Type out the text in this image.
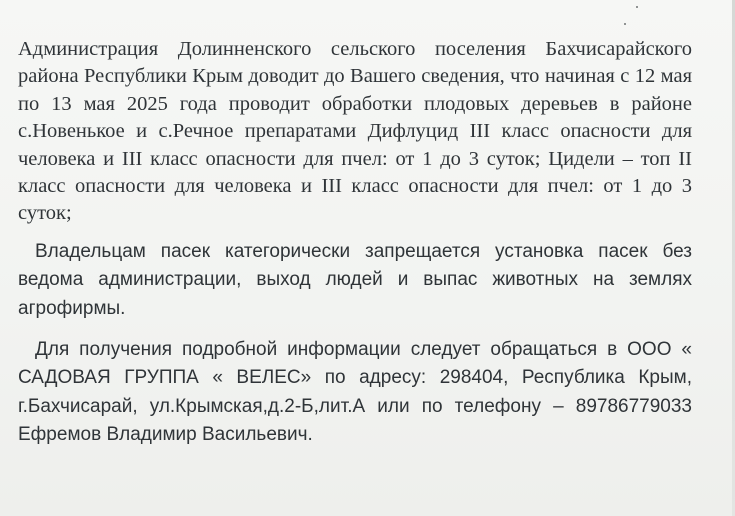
Администрация Долинненского сельского поселения Бахчисарайского района Республики Крым доводит до Вашего сведения, что начиная с 12 мая по 13 мая 2025 года проводит обработки плодовых деревьев в районе с.Новенькое и с.Речное препаратами Дифлуцид III класс опасности для человека и III класс опасности для пчел: от 1 до 3 суток; Цидели – топ II класс опасности для человека и III класс опасности для пчел: от 1 до 3 суток;

Владельцам пасек категорически запрещается установка пасек без ведома администрации, выход людей и выпас животных на землях агрофирмы.

Для получения подробной информации следует обращаться в ООО « САДОВАЯ ГРУППА « ВЕЛЕС» по адресу: 298404, Республика Крым, г.Бахчисарай, ул.Крымская,д.2-Б,лит.А или по телефону – 89786779033 Ефремов Владимир Васильевич.
